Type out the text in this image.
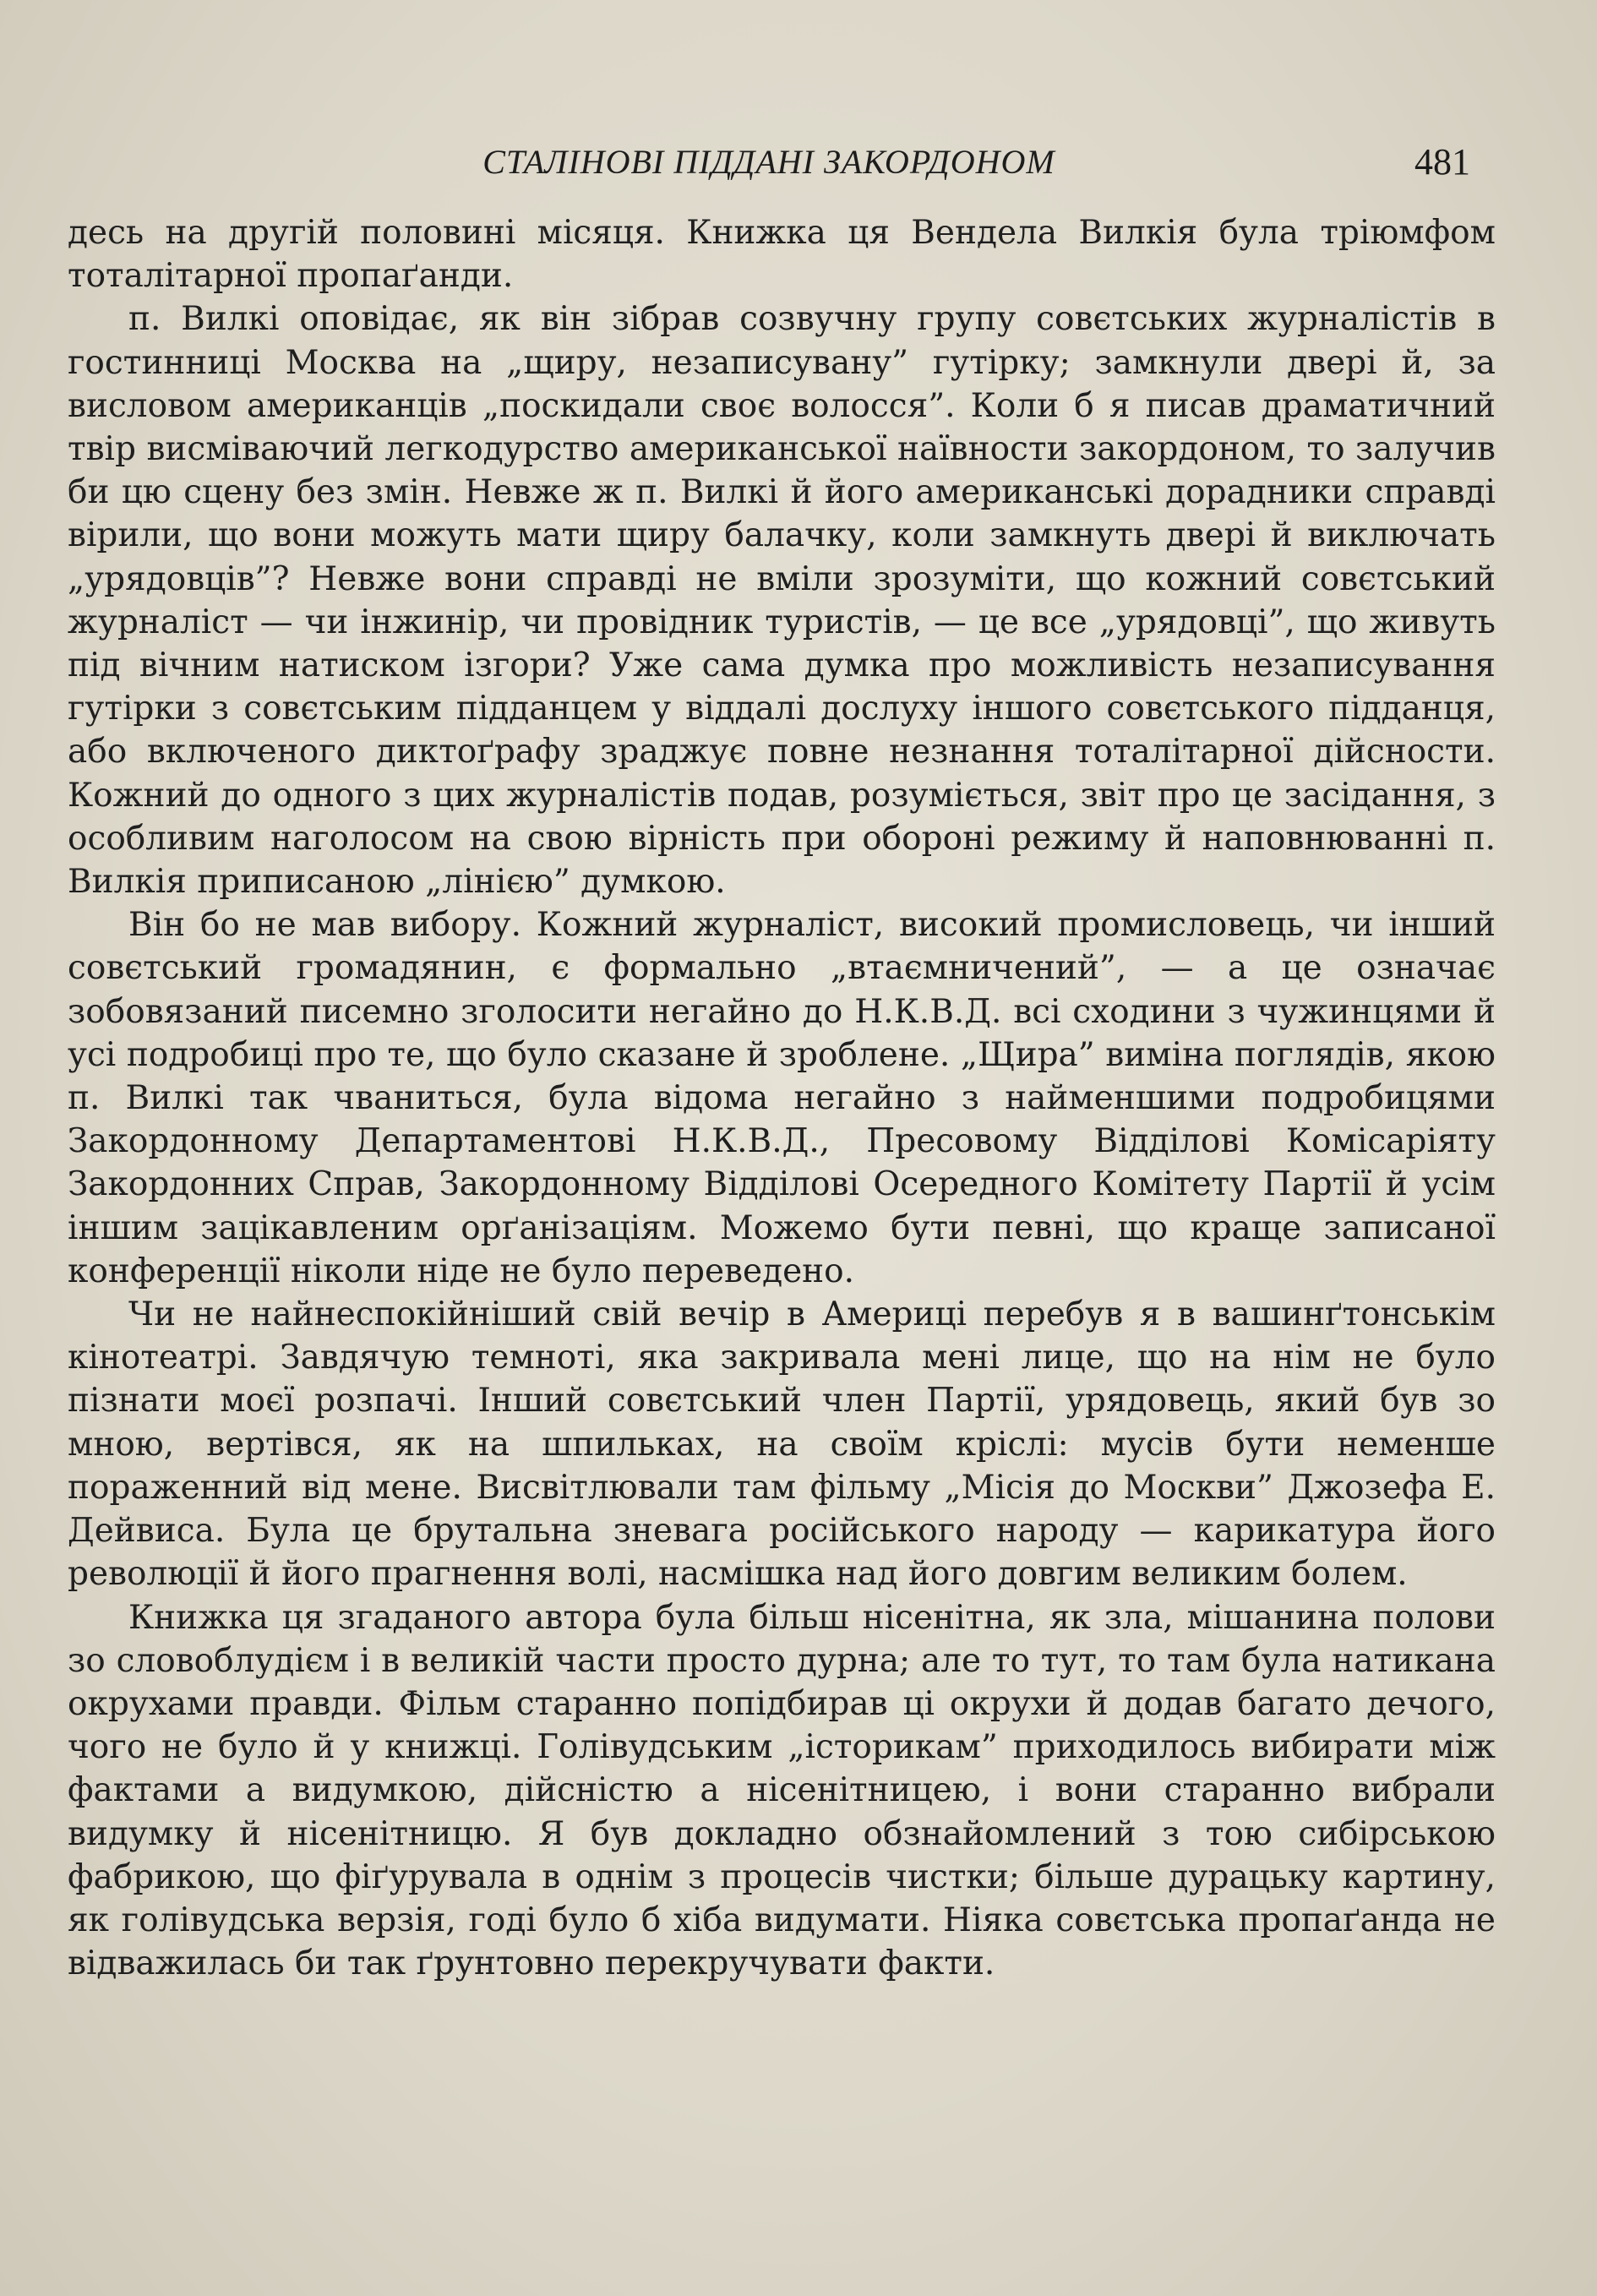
СТАЛІНОВІ ПІДДАНІ ЗАКОРДОНОМ	481

десь на другій половині місяця. Книжка ця Вендела Вилкія була тріюмфом тоталітарної пропаґанди.

п. Вилкі оповідає, як він зібрав созвучну групу совєтських журналістів в гостинниці Москва на „щиру, незаписувану” гутірку; замкнули двері й, за висловом американців „поскидали своє волосся”. Коли б я писав драматичний твір висміваючий легкодурство американської наївности закордоном, то залучив би цю сцену без змін. Невже ж п. Вилкі й його американські дорадники справді вірили, що вони можуть мати щиру балачку, коли замкнуть двері й виключать „урядовців”? Невже вони справді не вміли зрозуміти, що кожний совєтський журналіст — чи інжинір, чи провідник туристів, — це все „урядовці”, що живуть під вічним натиском ізгори? Уже сама думка про можливість незаписування гутірки з совєтським підданцем у віддалі дослуху іншого совєтського підданця, або включеного диктоґрафу зраджує повне незнання тоталітарної дійсности. Кожний до одного з цих журналістів подав, розуміється, звіт про це засідання, з особливим наголосом на свою вірність при обороні режиму й наповнюванні п. Вилкія приписаною „лінією” думкою.

Він бо не мав вибору. Кожний журналіст, високий промисловець, чи інший совєтський громадянин, є формально „втаємничений”, — а це означає зобовязаний писемно зголосити негайно до Н.К.В.Д. всі сходини з чужинцями й усі подробиці про те, що було сказане й зроблене. „Щира” виміна поглядів, якою п. Вилкі так чваниться, була відома негайно з найменшими подробицями Закордонному Департаментові Н.К.В.Д., Пресовому Відділові Комісаріяту Закордонних Справ, Закордонному Відділові Осередного Комітету Партії й усім іншим зацікавленим орґанізаціям. Можемо бути певні, що краще записаної конференції ніколи ніде не було переведено.

Чи не найнеспокійніший свій вечір в Америці перебув я в вашинґтонськім кінотеатрі. Завдячую темноті, яка закривала мені лице, що на нім не було пізнати моєї розпачі. Інший совєтський член Партії, урядовець, який був зо мною, вертівся, як на шпильках, на своїм кріслі: мусів бути неменше пораженний від мене. Висвітлювали там фільму „Місія до Москви” Джозефа Е. Дейвиса. Була це брутальна зневага російського народу — карикатура його революції й його прагнення волі, насмішка над його довгим великим болем.

Книжка ця згаданого автора була більш нісенітна, як зла, мішанина полови зо словоблудієм і в великій части просто дурна; але то тут, то там була натикана окрухами правди. Фільм старанно попідбирав ці окрухи й додав багато дечого, чого не було й у книжці. Голівудським „історикам” приходилось вибирати між фактами а видумкою, дійсністю а нісенітницею, і вони старанно вибрали видумку й нісенітницю. Я був докладно обзнайомлений з тою сибірською фабрикою, що фіґурувала в однім з процесів чистки; більше дурацьку картину, як голівудська верзія, годі було б хіба видумати. Ніяка совєтська пропаґанда не відважилась би так ґрунтовно перекручувати факти.
